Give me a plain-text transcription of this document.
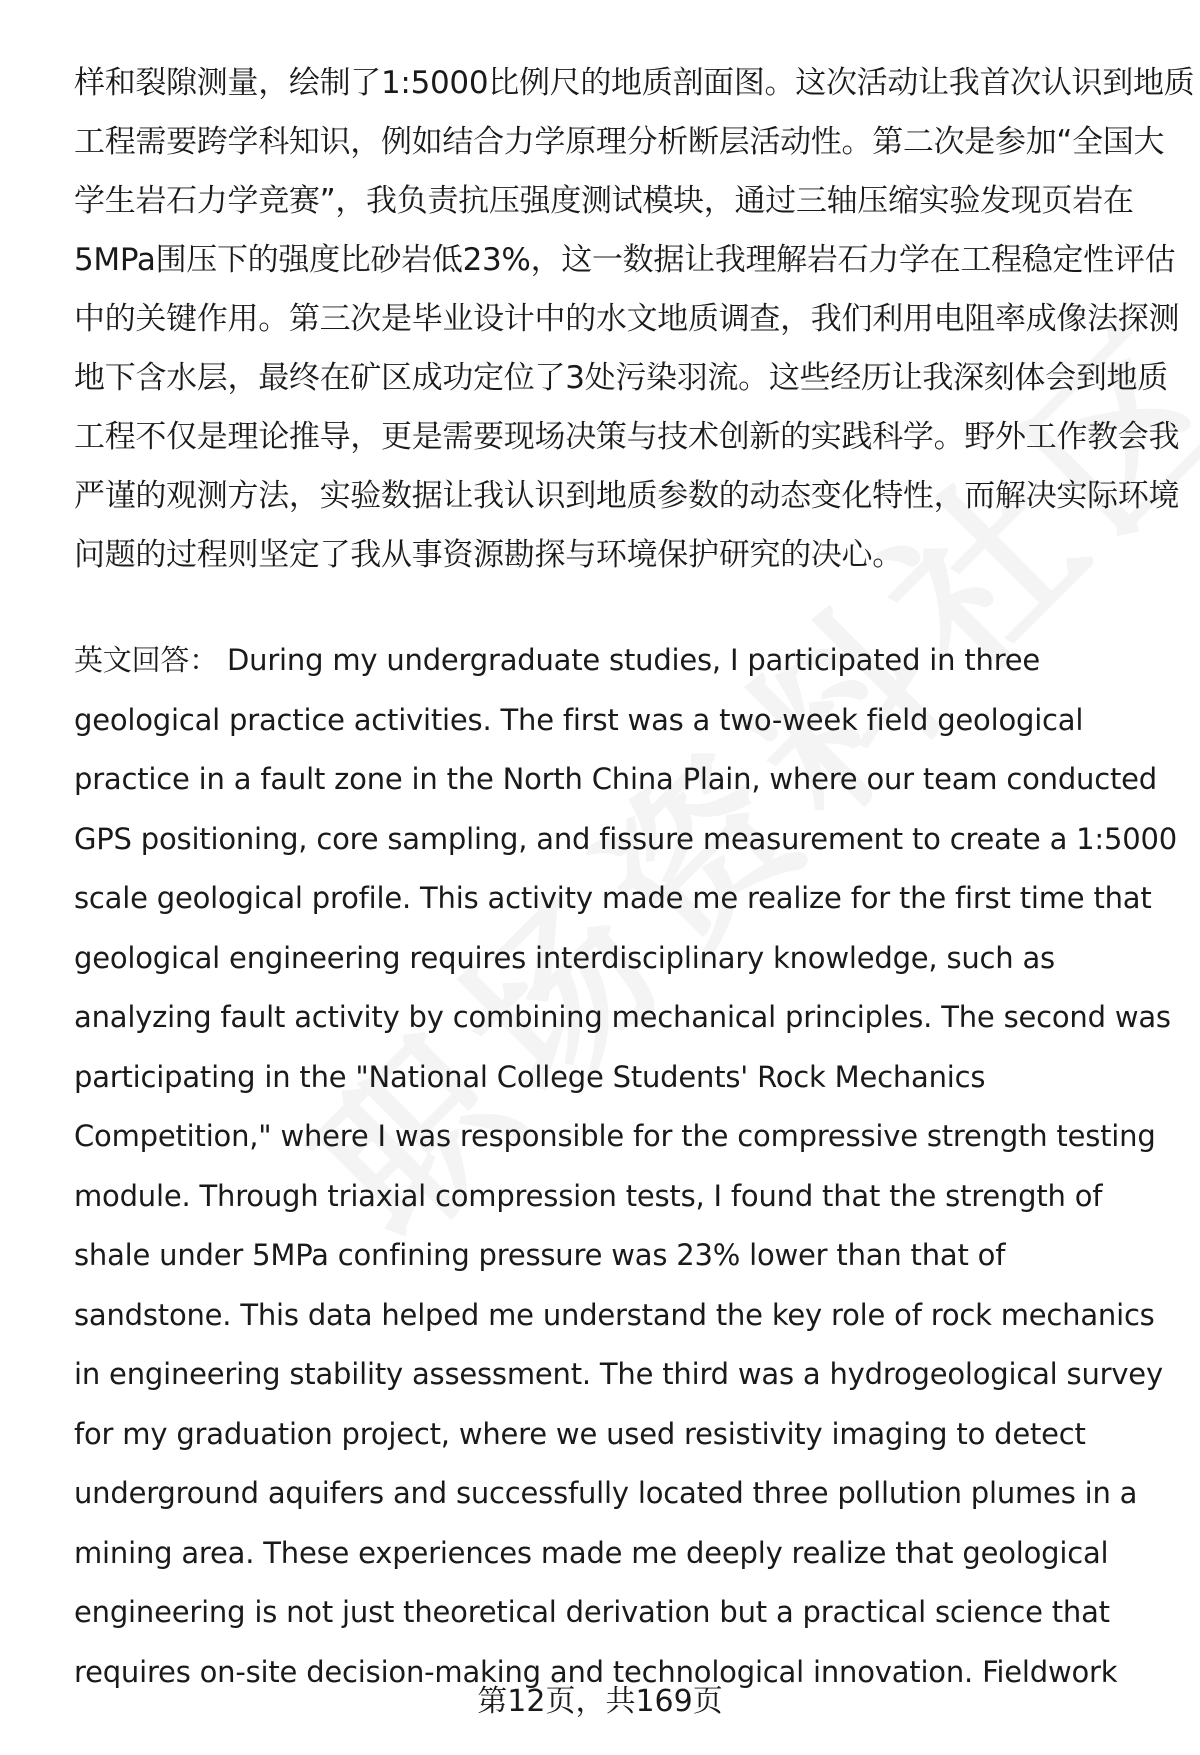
样和裂隙测量，绘制了1:5000比例尺的地质剖面图。这次活动让我首次认识到地质
工程需要跨学科知识，例如结合力学原理分析断层活动性。第二次是参加“全国大
学生岩石力学竞赛”，我负责抗压强度测试模块，通过三轴压缩实验发现页岩在
5MPa围压下的强度比砂岩低23%，这一数据让我理解岩石力学在工程稳定性评估
中的关键作用。第三次是毕业设计中的水文地质调查，我们利用电阻率成像法探测
地下含水层，最终在矿区成功定位了3处污染羽流。这些经历让我深刻体会到地质
工程不仅是理论推导，更是需要现场决策与技术创新的实践科学。野外工作教会我
严谨的观测方法，实验数据让我认识到地质参数的动态变化特性，而解决实际环境
问题的过程则坚定了我从事资源勘探与环境保护研究的决心。
英文回答： During my undergraduate studies, I participated in three
geological practice activities. The first was a two-week field geological
practice in a fault zone in the North China Plain, where our team conducted
GPS positioning, core sampling, and fissure measurement to create a 1:5000
scale geological profile. This activity made me realize for the first time that
geological engineering requires interdisciplinary knowledge, such as
analyzing fault activity by combining mechanical principles. The second was
participating in the "National College Students' Rock Mechanics
Competition," where I was responsible for the compressive strength testing
module. Through triaxial compression tests, I found that the strength of
shale under 5MPa confining pressure was 23% lower than that of
sandstone. This data helped me understand the key role of rock mechanics
in engineering stability assessment. The third was a hydrogeological survey
for my graduation project, where we used resistivity imaging to detect
underground aquifers and successfully located three pollution plumes in a
mining area. These experiences made me deeply realize that geological
engineering is not just theoretical derivation but a practical science that
requires on-site decision-making and technological innovation. Fieldwork
第12页，共169页
